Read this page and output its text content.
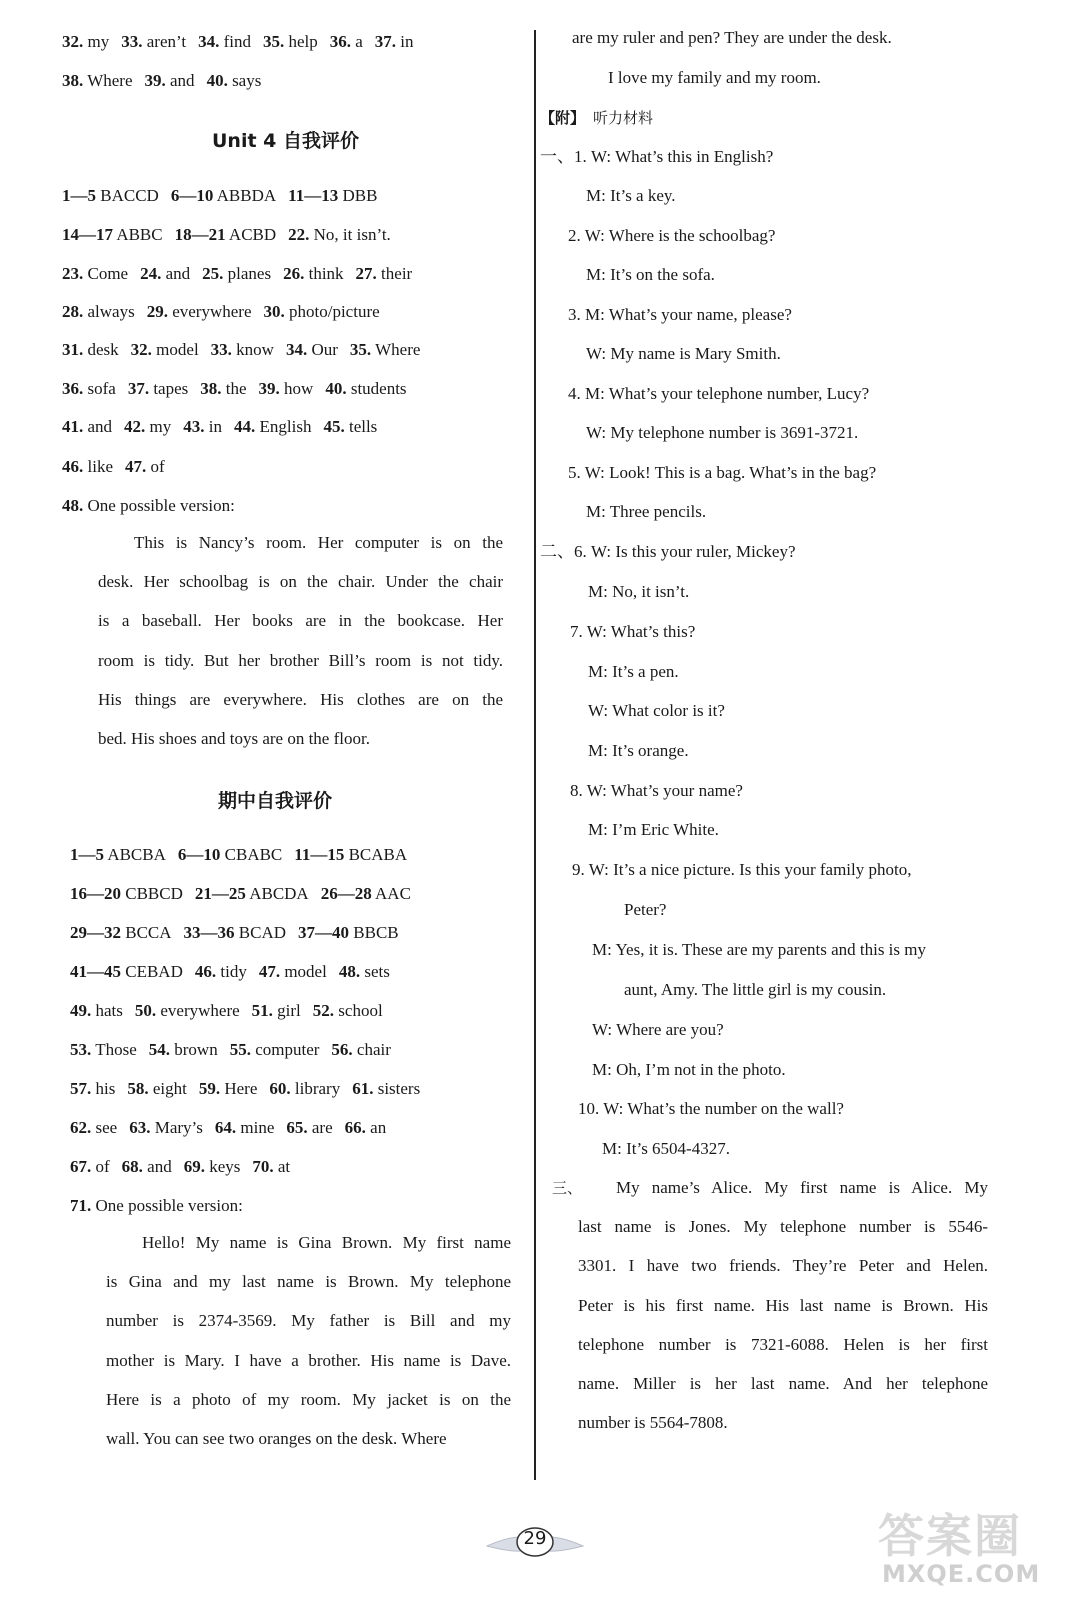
32. my 33. aren’t 34. find 35. help 36. a 37. in
38. Where 39. and 40. says
Unit 4 自我评价
1—5 BACCD 6—10 ABBDA 11—13 DBB
14—17 ABBC 18—21 ACBD 22. No, it isn’t.
23. Come 24. and 25. planes 26. think 27. their
28. always 29. everywhere 30. photo/picture
31. desk 32. model 33. know 34. Our 35. Where
36. sofa 37. tapes 38. the 39. how 40. students
41. and 42. my 43. in 44. English 45. tells
46. like 47. of
48. One possible version:
This is Nancy’s room. Her computer is on the
desk. Her schoolbag is on the chair. Under the chair
is a baseball. Her books are in the bookcase. Her
room is tidy. But her brother Bill’s room is not tidy.
His things are everywhere. His clothes are on the
bed. His shoes and toys are on the floor.
期中自我评价
1—5 ABCBA 6—10 CBABC 11—15 BCABA
16—20 CBBCD 21—25 ABCDA 26—28 AAC
29—32 BCCA 33—36 BCAD 37—40 BBCB
41—45 CEBAD 46. tidy 47. model 48. sets
49. hats 50. everywhere 51. girl 52. school
53. Those 54. brown 55. computer 56. chair
57. his 58. eight 59. Here 60. library 61. sisters
62. see 63. Mary’s 64. mine 65. are 66. an
67. of 68. and 69. keys 70. at
71. One possible version:
Hello! My name is Gina Brown. My first name
is Gina and my last name is Brown. My telephone
number is 2374-3569. My father is Bill and my
mother is Mary. I have a brother. His name is Dave.
Here is a photo of my room. My jacket is on the
wall. You can see two oranges on the desk. Where
are my ruler and pen? They are under the desk.
I love my family and my room.
【附】 听力材料
一、1. W: What’s this in English?
M: It’s a key.
2. W: Where is the schoolbag?
M: It’s on the sofa.
3. M: What’s your name, please?
W: My name is Mary Smith.
4. M: What’s your telephone number, Lucy?
W: My telephone number is 3691-3721.
5. W: Look! This is a bag. What’s in the bag?
M: Three pencils.
二、6. W: Is this your ruler, Mickey?
M: No, it isn’t.
7. W: What’s this?
M: It’s a pen.
W: What color is it?
M: It’s orange.
8. W: What’s your name?
M: I’m Eric White.
9. W: It’s a nice picture. Is this your family photo,
Peter?
M: Yes, it is. These are my parents and this is my
aunt, Amy. The little girl is my cousin.
W: Where are you?
M: Oh, I’m not in the photo.
10. W: What’s the number on the wall?
M: It’s 6504-4327.
三、	My name’s Alice. My first name is Alice. My
last name is Jones. My telephone number is 5546-
3301. I have two friends. They’re Peter and Helen.
Peter is his first name. His last name is Brown. His
telephone number is 7321-6088. Helen is her first
name. Miller is her last name. And her telephone
number is 5564-7808.
29	答案圈
MXQE.COM
